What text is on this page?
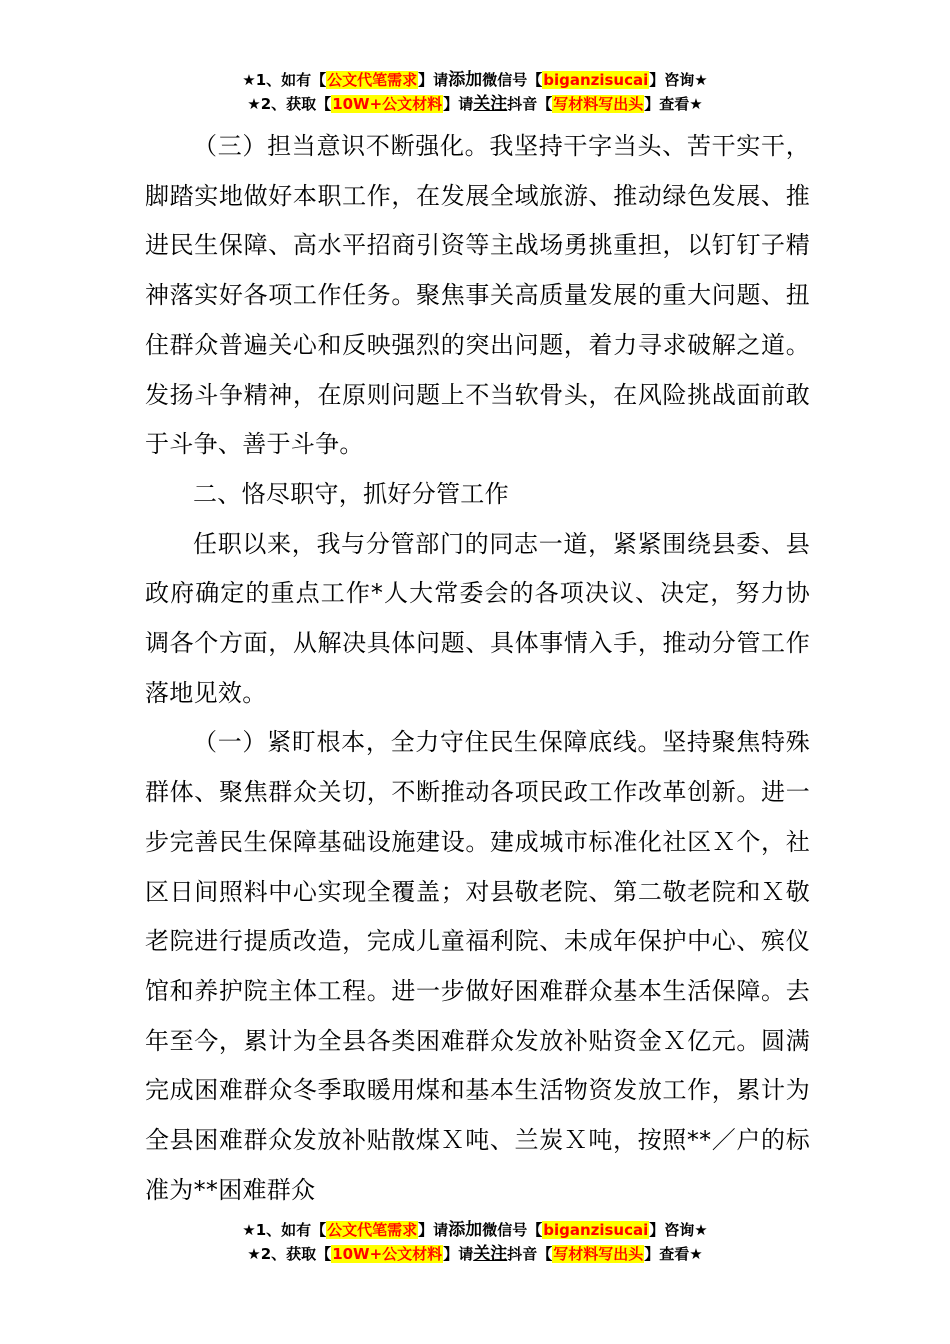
★1、如有【公文代笔需求】请添加微信号【biganzisucai】咨询★
★2、获取【10W+公文材料】请关注抖音【写材料写出头】查看★

（三）担当意识不断强化。我坚持干字当头、苦干实干，脚踏实地做好本职工作，在发展全域旅游、推动绿色发展、推进民生保障、高水平招商引资等主战场勇挑重担，以钉钉子精神落实好各项工作任务。聚焦事关高质量发展的重大问题、扭住群众普遍关心和反映强烈的突出问题，着力寻求破解之道。发扬斗争精神，在原则问题上不当软骨头，在风险挑战面前敢于斗争、善于斗争。

二、恪尽职守，抓好分管工作

任职以来，我与分管部门的同志一道，紧紧围绕县委、县政府确定的重点工作*人大常委会的各项决议、决定，努力协调各个方面，从解决具体问题、具体事情入手，推动分管工作落地见效。

（一）紧盯根本，全力守住民生保障底线。坚持聚焦特殊群体、聚焦群众关切，不断推动各项民政工作改革创新。进一步完善民生保障基础设施建设。建成城市标准化社区Ｘ个，社区日间照料中心实现全覆盖；对县敬老院、第二敬老院和Ｘ敬老院进行提质改造，完成儿童福利院、未成年保护中心、殡仪馆和养护院主体工程。进一步做好困难群众基本生活保障。去年至今，累计为全县各类困难群众发放补贴资金Ｘ亿元。圆满完成困难群众冬季取暖用煤和基本生活物资发放工作，累计为全县困难群众发放补贴散煤Ｘ吨、兰炭Ｘ吨，按照**／户的标准为**困难群众

★1、如有【公文代笔需求】请添加微信号【biganzisucai】咨询★
★2、获取【10W+公文材料】请关注抖音【写材料写出头】查看★
